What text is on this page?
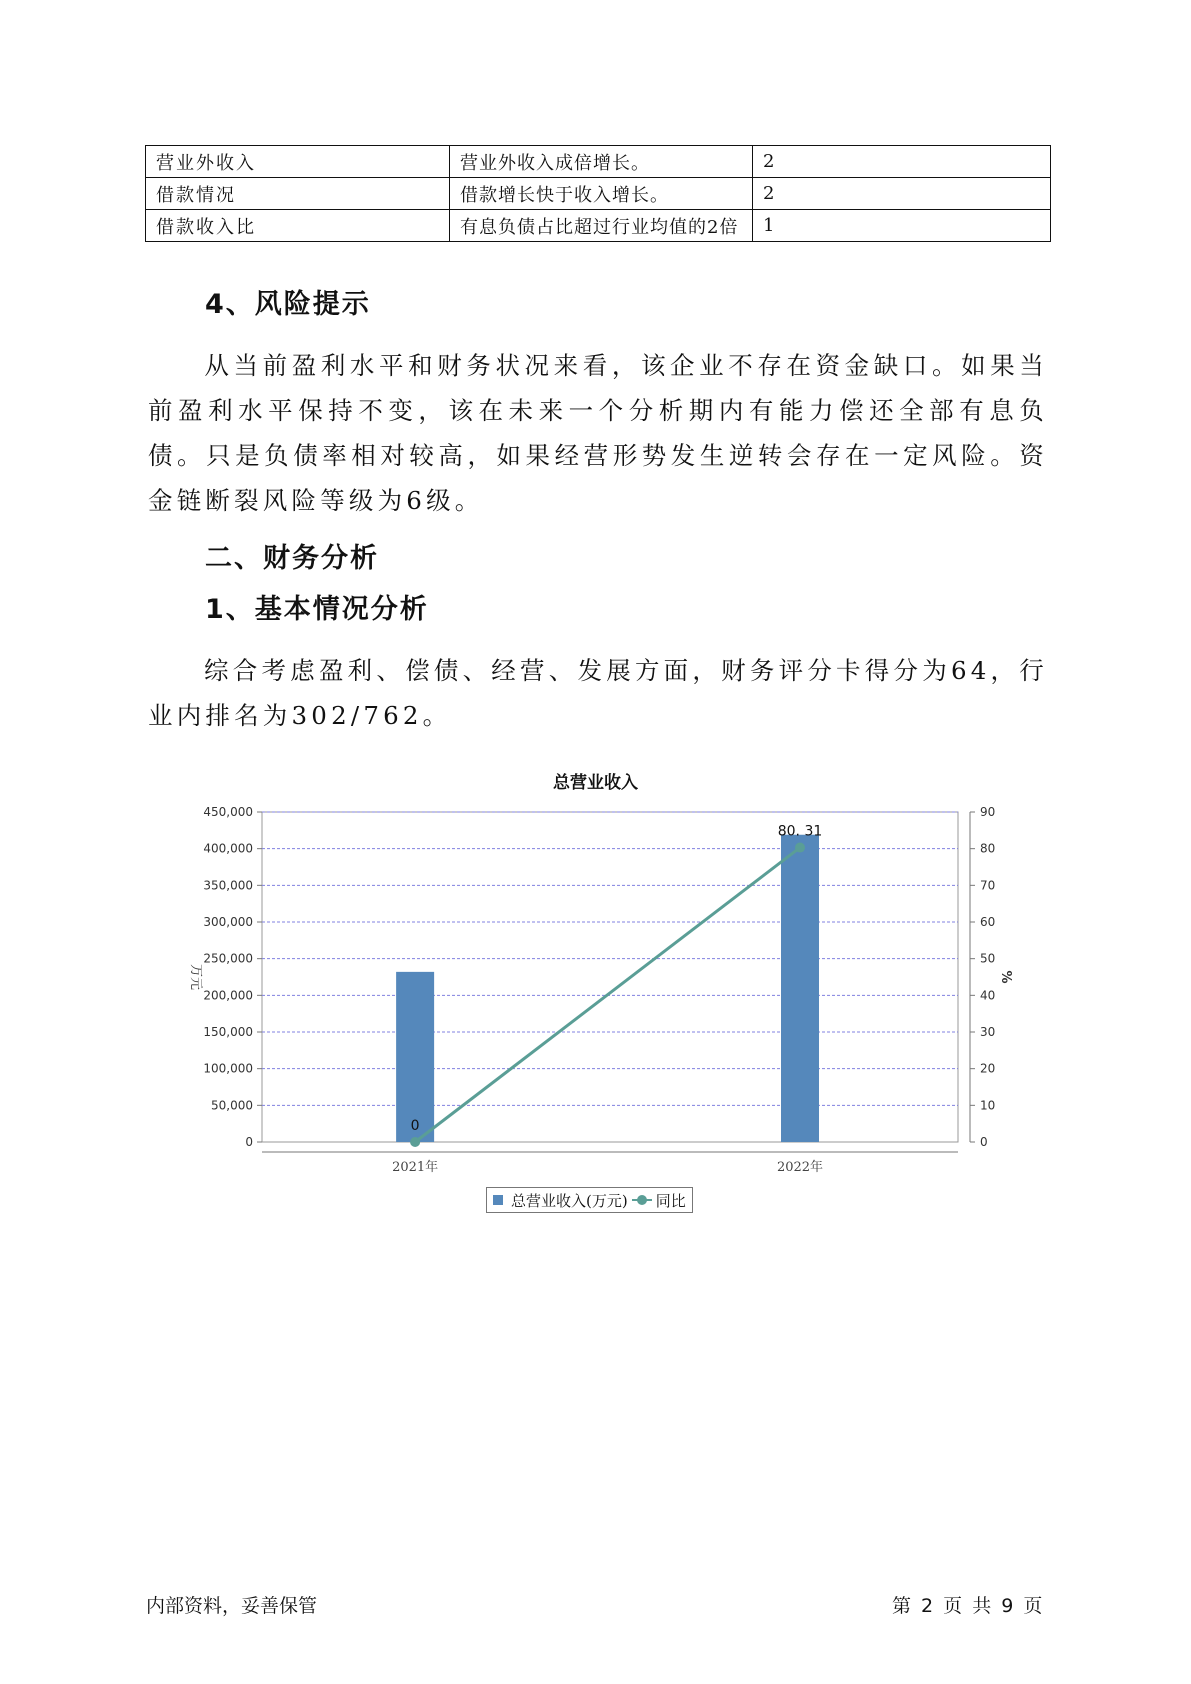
营业外收入	营业外收入成倍增长。	2
借款情况	借款增长快于收入增长。	2
借款收入比	有息负债占比超过行业均值的2倍	1
4、风险提示
从当前盈利水平和财务状况来看，该企业不存在资金缺口。如果当前盈利水平保持不变，该在未来一个分析期内有能力偿还全部有息负债。只是负债率相对较高，如果经营形势发生逆转会存在一定风险。资金链断裂风险等级为6级。
二、财务分析
1、基本情况分析
综合考虑盈利、偿债、经营、发展方面，财务评分卡得分为64，行业内排名为302/762。
总营业收入
0
50,000
100,000
150,000
200,000
250,000
300,000
350,000
400,000
450,000
0
10
20
30
40
50
60
70
80
90
万元	%
2021年	2022年
0
80. 31
总营业收入(万元) 同比
内部资料，妥善保管	第 2 页 共 9 页
